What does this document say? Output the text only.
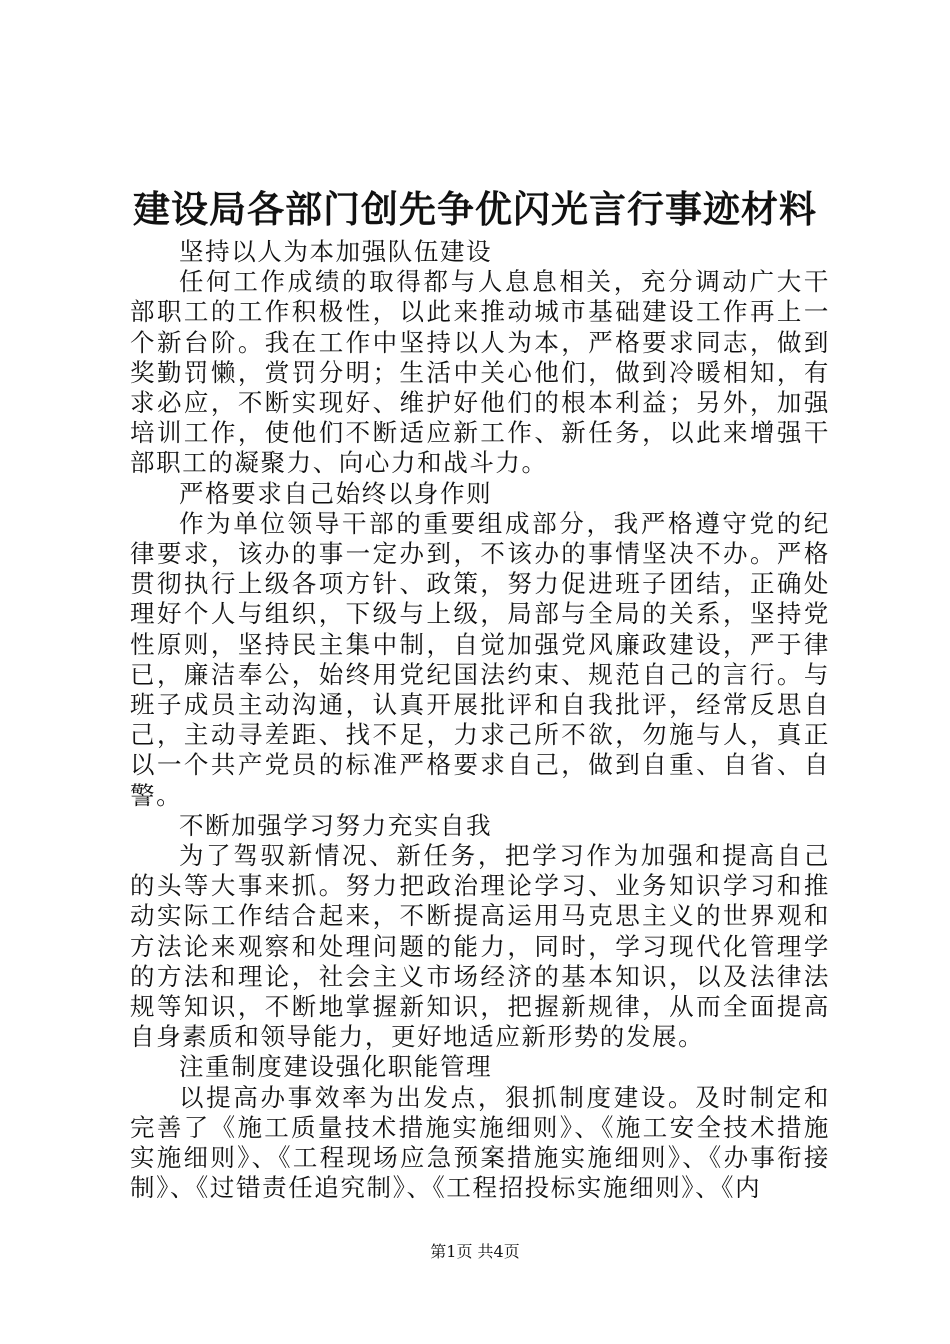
建设局各部门创先争优闪光言行事迹材料

坚持以人为本加强队伍建设

任何工作成绩的取得都与人息息相关，充分调动广大干部职工的工作积极性，以此来推动城市基础建设工作再上一个新台阶。我在工作中坚持以人为本，严格要求同志，做到奖勤罚懒，赏罚分明；生活中关心他们，做到冷暖相知，有求必应，不断实现好、维护好他们的根本利益；另外，加强培训工作，使他们不断适应新工作、新任务，以此来增强干部职工的凝聚力、向心力和战斗力。

严格要求自己始终以身作则

作为单位领导干部的重要组成部分，我严格遵守党的纪律要求，该办的事一定办到，不该办的事情坚决不办。严格贯彻执行上级各项方针、政策，努力促进班子团结，正确处理好个人与组织，下级与上级，局部与全局的关系，坚持党性原则，坚持民主集中制，自觉加强党风廉政建设，严于律已，廉洁奉公，始终用党纪国法约束、规范自己的言行。与班子成员主动沟通，认真开展批评和自我批评，经常反思自己，主动寻差距、找不足，力求己所不欲，勿施与人，真正以一个共产党员的标准严格要求自己，做到自重、自省、自警。

不断加强学习努力充实自我

为了驾驭新情况、新任务，把学习作为加强和提高自己的头等大事来抓。努力把政治理论学习、业务知识学习和推动实际工作结合起来，不断提高运用马克思主义的世界观和方法论来观察和处理问题的能力，同时，学习现代化管理学的方法和理论，社会主义市场经济的基本知识，以及法律法规等知识，不断地掌握新知识，把握新规律，从而全面提高自身素质和领导能力，更好地适应新形势的发展。

注重制度建设强化职能管理

以提高办事效率为出发点，狠抓制度建设。及时制定和完善了《施工质量技术措施实施细则》、《施工安全技术措施实施细则》、《工程现场应急预案措施实施细则》、《办事衔接制》、《过错责任追究制》、《工程招投标实施细则》、《内

第1页 共4页
